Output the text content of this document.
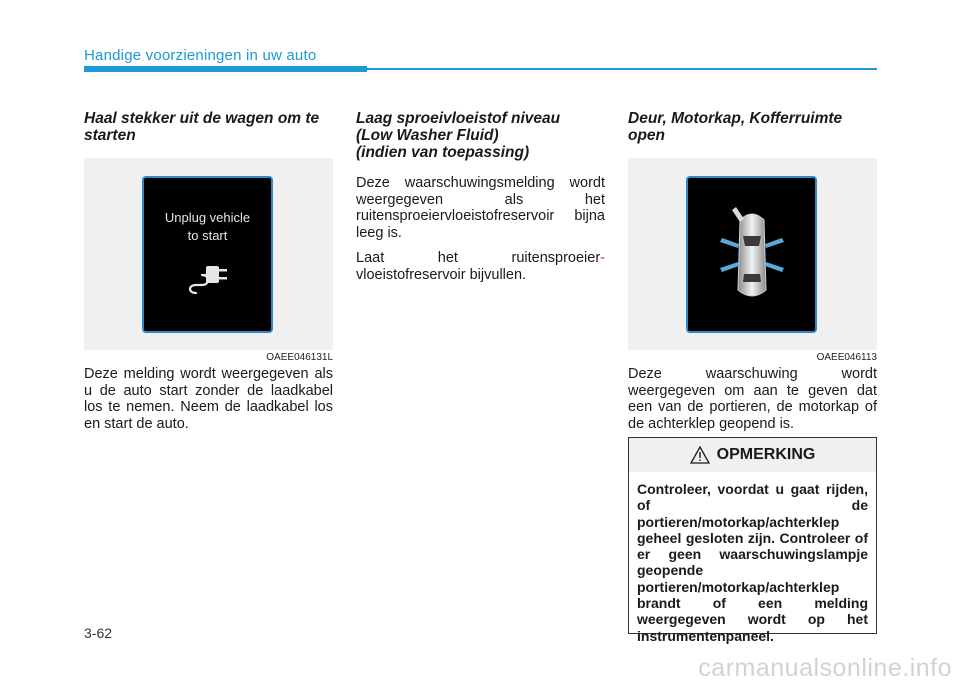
Handige voorzieningen in uw auto
Haal stekker uit de wagen om te starten
Unplug vehicle
to start
OAEE046131L

Deze melding wordt weergegeven als u de auto start zonder de laadkabel los te nemen. Neem de laadkabel los en start de auto.

Laag sproeivloeistof niveau
(Low Washer Fluid)
(indien van toepassing)

Deze waarschuwingsmelding wordt weergegeven als het ruitensproeiervloeistofreservoir bijna leeg is.

Laat het ruitensproeier- vloeistofreservoir bijvullen.

Deur, Motorkap, Kofferruimte open
OAEE046113

Deze waarschuwing wordt weergegeven om aan te geven dat een van de portieren, de motorkap of de achterklep geopend is.

OPMERKING
Controleer, voordat u gaat rijden, of de portieren/motorkap/achterklep geheel gesloten zijn. Controleer of er geen waarschuwingslampje geopende portieren/motorkap/achterklep brandt of een melding weergegeven wordt op het instrumentenpaneel.
3-62
carmanualsonline.info
